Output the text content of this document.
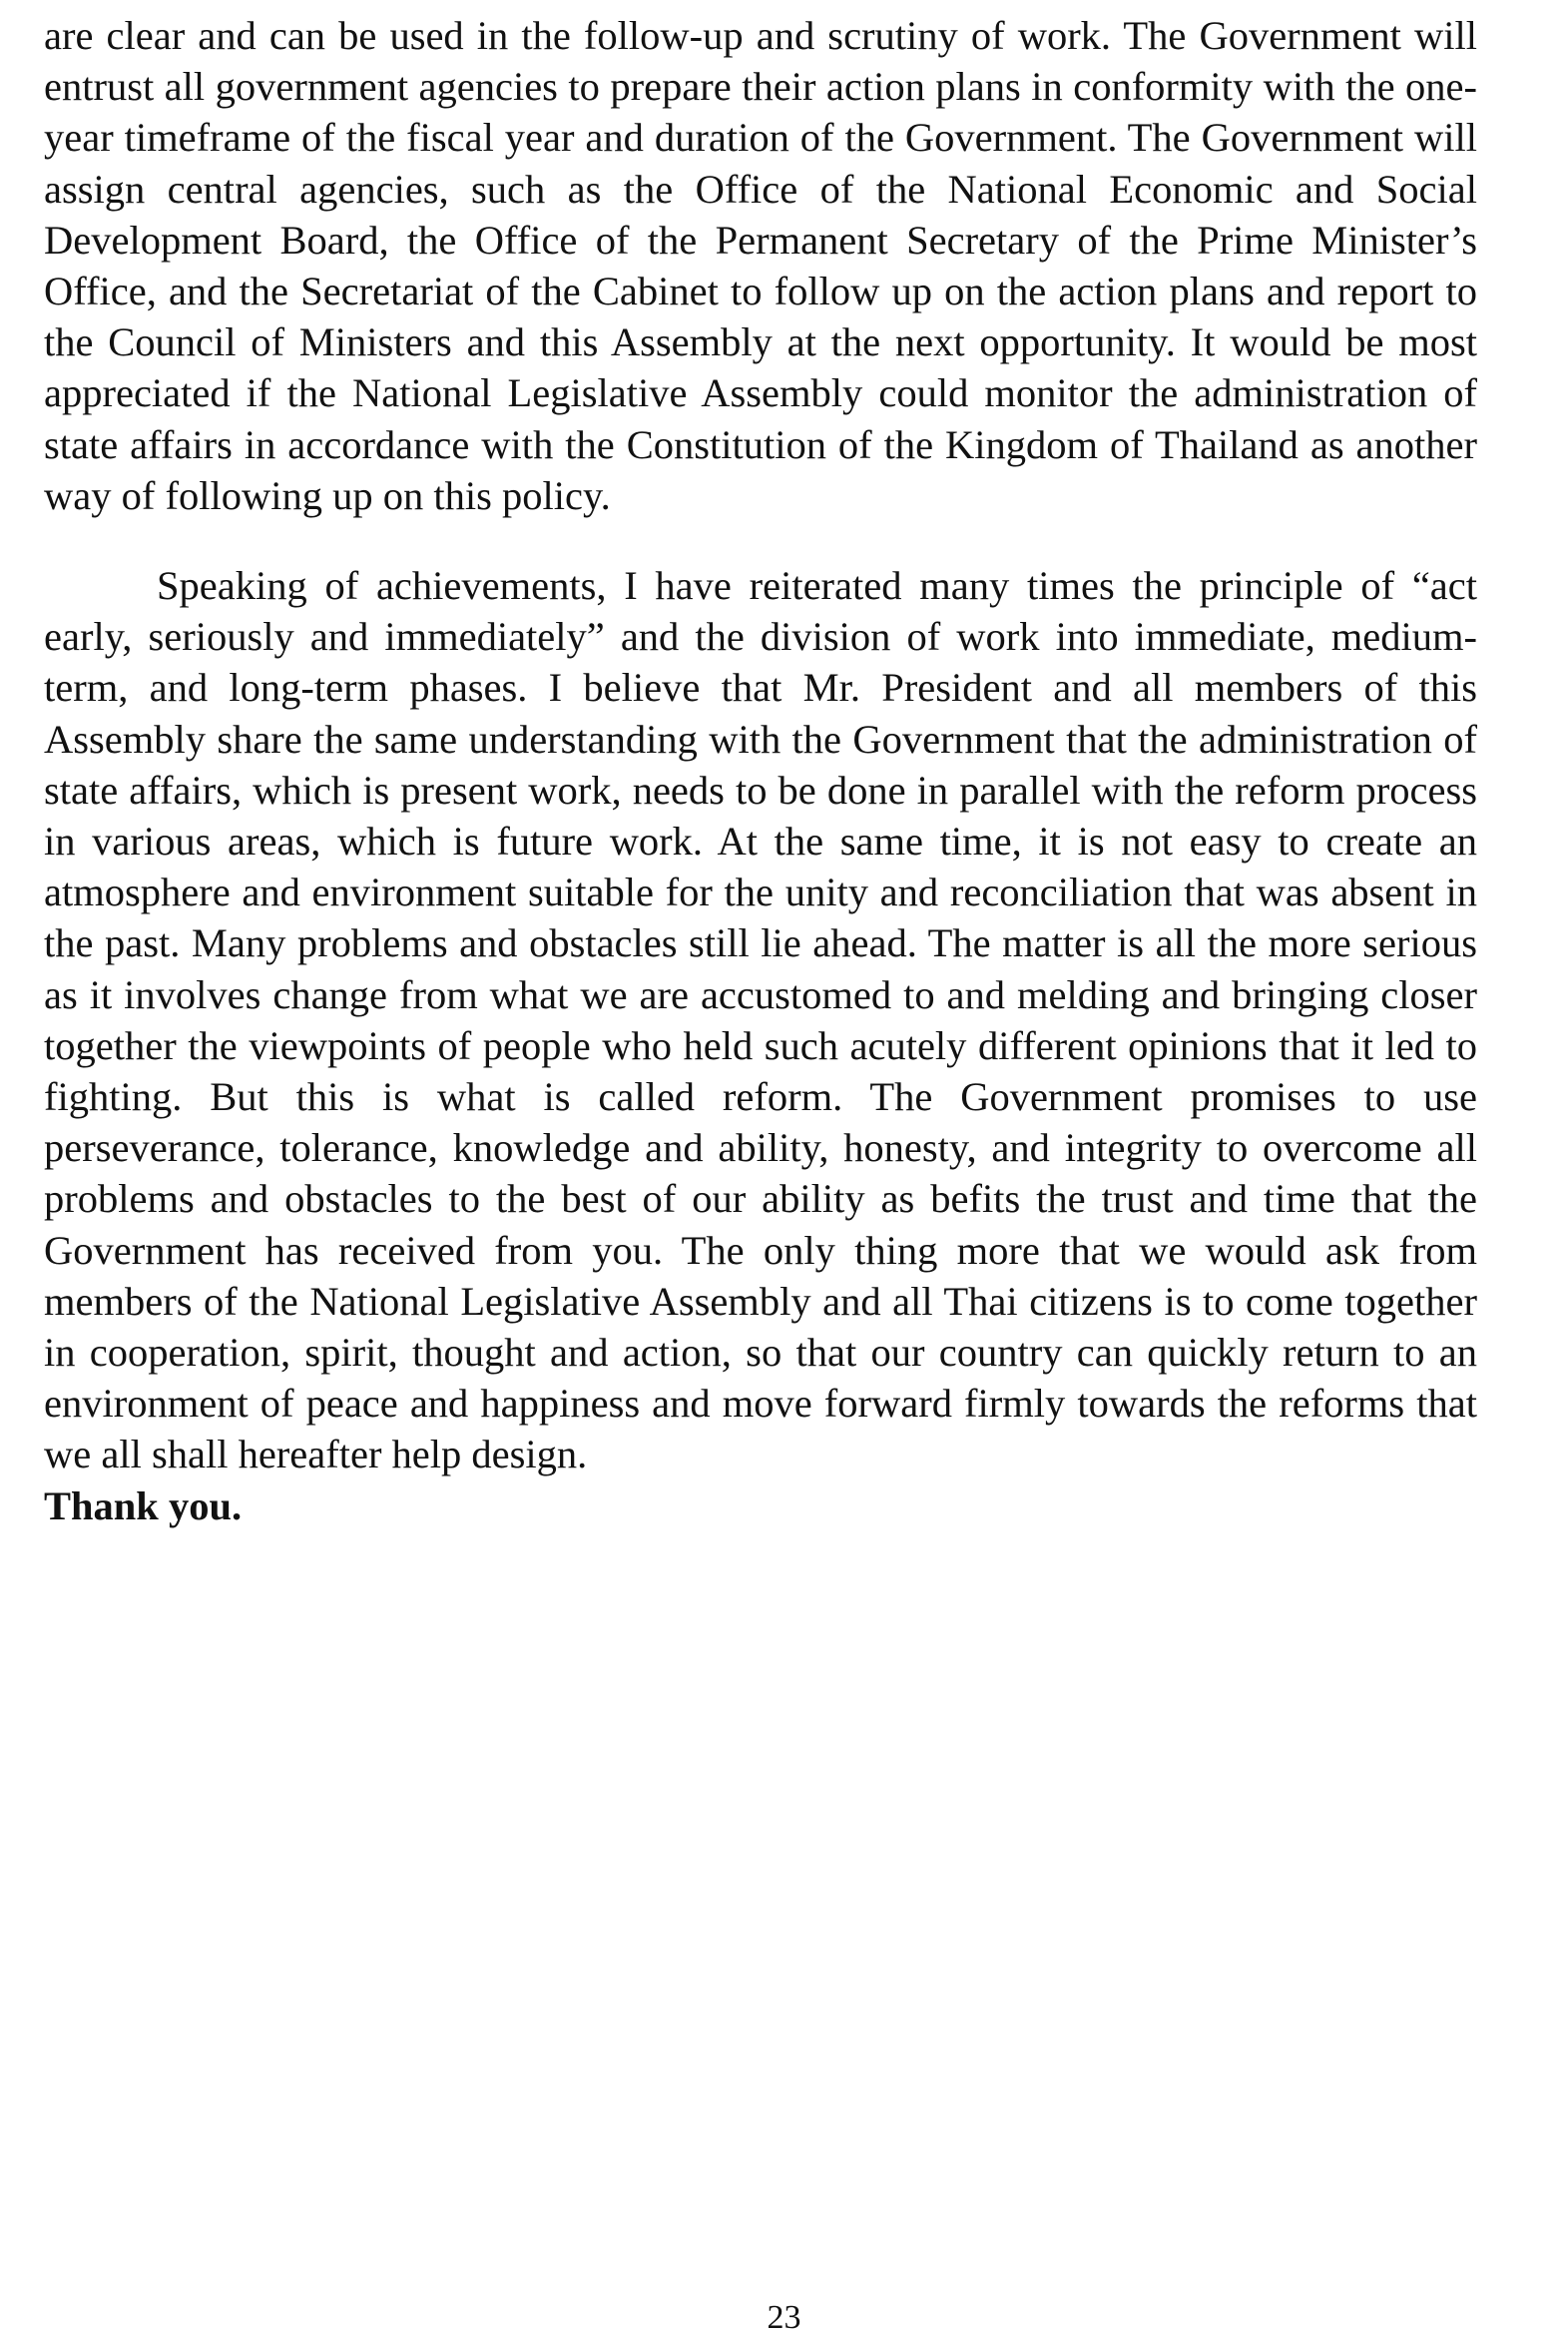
are clear and can be used in the follow-up and scrutiny of work. The Government will entrust all government agencies to prepare their action plans in conformity with the one-year timeframe of the fiscal year and duration of the Government. The Government will assign central agencies, such as the Office of the National Economic and Social Development Board, the Office of the Permanent Secretary of the Prime Minister’s Office, and the Secretariat of the Cabinet to follow up on the action plans and report to the Council of Ministers and this Assembly at the next opportunity. It would be most appreciated if the National Legislative Assembly could monitor the administration of state affairs in accordance with the Constitution of the Kingdom of Thailand as another way of following up on this policy.

Speaking of achievements, I have reiterated many times the principle of “act early, seriously and immediately” and the division of work into immediate, medium-term, and long-term phases. I believe that Mr. President and all members of this Assembly share the same understanding with the Government that the administration of state affairs, which is present work, needs to be done in parallel with the reform process in various areas, which is future work. At the same time, it is not easy to create an atmosphere and environment suitable for the unity and reconciliation that was absent in the past. Many problems and obstacles still lie ahead. The matter is all the more serious as it involves change from what we are accustomed to and melding and bringing closer together the viewpoints of people who held such acutely different opinions that it led to fighting. But this is what is called reform. The Government promises to use perseverance, tolerance, knowledge and ability, honesty, and integrity to overcome all problems and obstacles to the best of our ability as befits the trust and time that the Government has received from you. The only thing more that we would ask from members of the National Legislative Assembly and all Thai citizens is to come together in cooperation, spirit, thought and action, so that our country can quickly return to an environment of peace and happiness and move forward firmly towards the reforms that we all shall hereafter help design.

Thank you.

23
